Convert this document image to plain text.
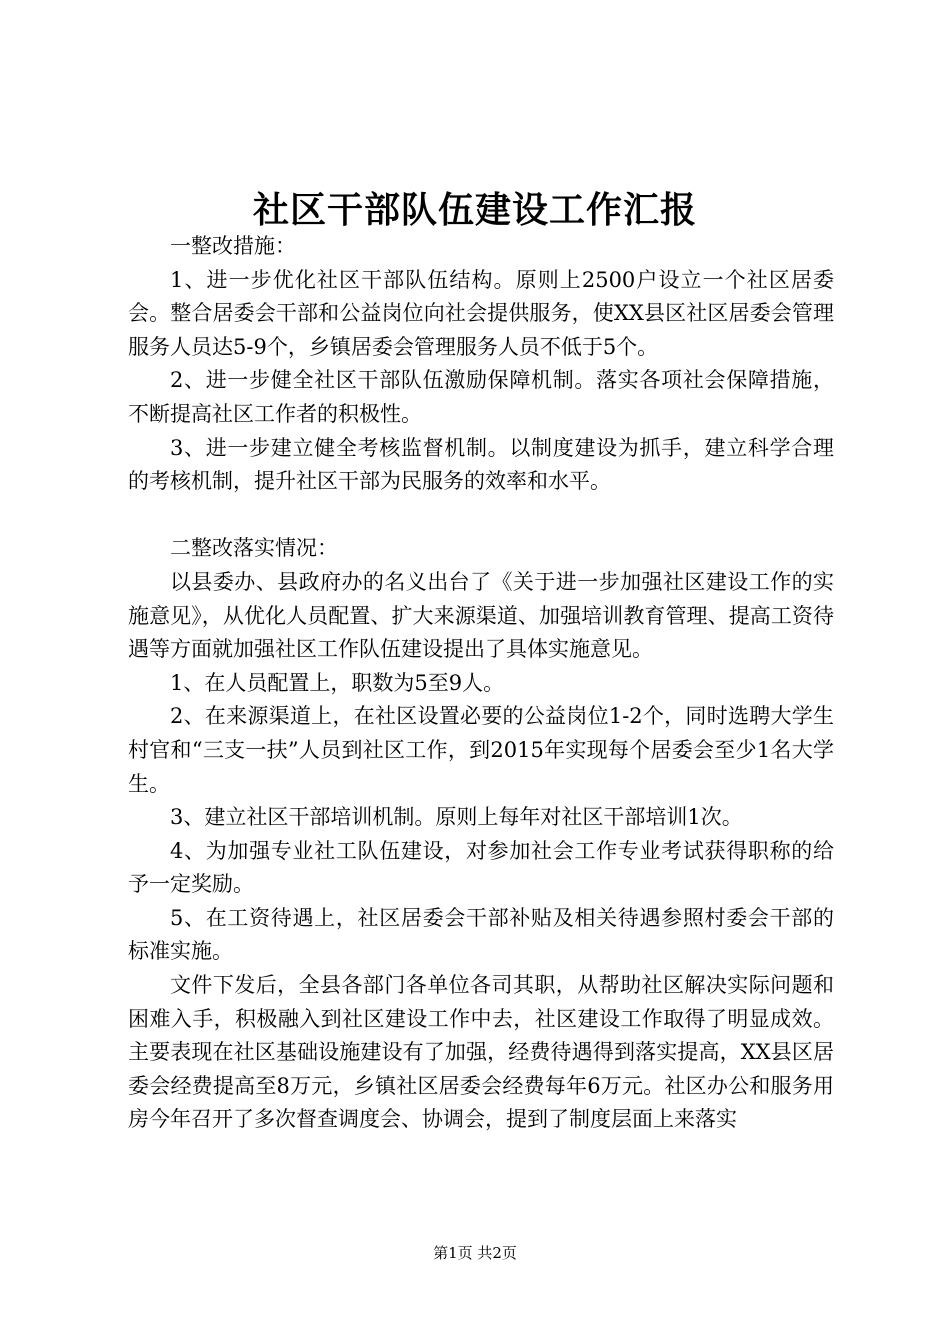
社区干部队伍建设工作汇报

一整改措施：

1、进一步优化社区干部队伍结构。原则上2500户设立一个社区居委会。整合居委会干部和公益岗位向社会提供服务，使XX县区社区居委会管理服务人员达5-9个，乡镇居委会管理服务人员不低于5个。

2、进一步健全社区干部队伍激励保障机制。落实各项社会保障措施，不断提高社区工作者的积极性。

3、进一步建立健全考核监督机制。以制度建设为抓手，建立科学合理的考核机制，提升社区干部为民服务的效率和水平。

二整改落实情况：

以县委办、县政府办的名义出台了《关于进一步加强社区建设工作的实施意见》，从优化人员配置、扩大来源渠道、加强培训教育管理、提高工资待遇等方面就加强社区工作队伍建设提出了具体实施意见。

1、在人员配置上，职数为5至9人。

2、在来源渠道上，在社区设置必要的公益岗位1-2个，同时选聘大学生村官和“三支一扶”人员到社区工作，到2015年实现每个居委会至少1名大学生。

3、建立社区干部培训机制。原则上每年对社区干部培训1次。

4、为加强专业社工队伍建设，对参加社会工作专业考试获得职称的给予一定奖励。

5、在工资待遇上，社区居委会干部补贴及相关待遇参照村委会干部的标准实施。

文件下发后，全县各部门各单位各司其职，从帮助社区解决实际问题和困难入手，积极融入到社区建设工作中去，社区建设工作取得了明显成效。主要表现在社区基础设施建设有了加强，经费待遇得到落实提高，XX县区居委会经费提高至8万元，乡镇社区居委会经费每年6万元。社区办公和服务用房今年召开了多次督查调度会、协调会，提到了制度层面上来落实

第1页 共2页
